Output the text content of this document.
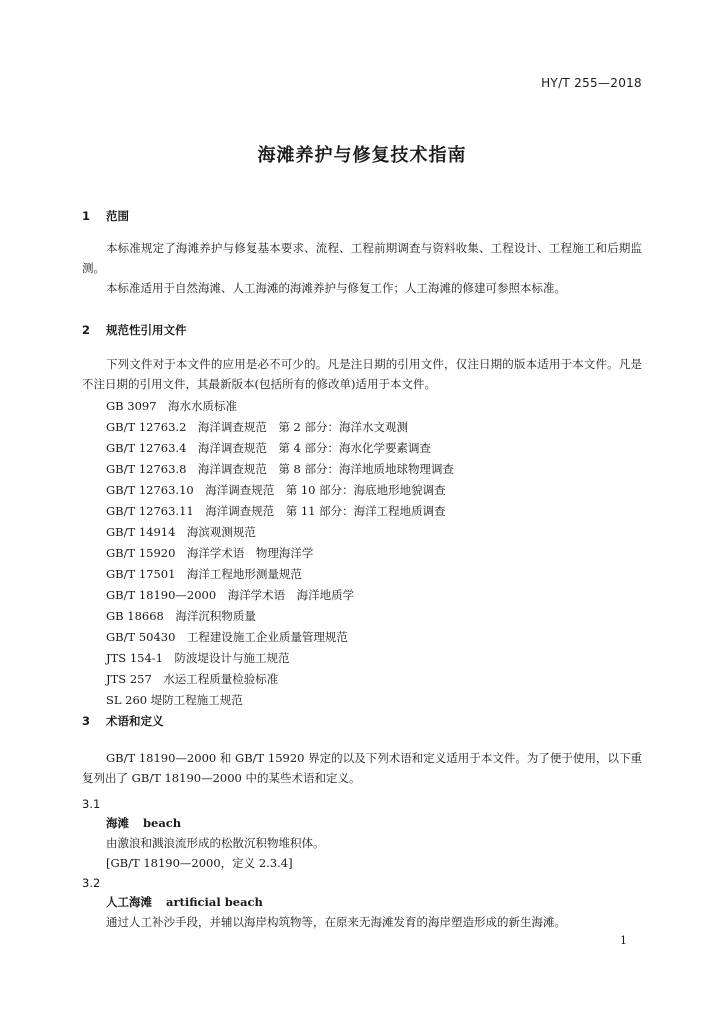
HY/T 255—2018
海滩养护与修复技术指南
1 范围
本标准规定了海滩养护与修复基本要求、流程、工程前期调查与资料收集、工程设计、工程施工和后期监测。
本标准适用于自然海滩、人工海滩的海滩养护与修复工作；人工海滩的修建可参照本标准。
2 规范性引用文件
下列文件对于本文件的应用是必不可少的。凡是注日期的引用文件，仅注日期的版本适用于本文件。凡是不注日期的引用文件，其最新版本(包括所有的修改单)适用于本文件。
GB 3097　海水水质标准
GB/T 12763.2　海洋调查规范　第 2 部分：海洋水文观测
GB/T 12763.4　海洋调查规范　第 4 部分：海水化学要素调查
GB/T 12763.8　海洋调查规范　第 8 部分：海洋地质地球物理调查
GB/T 12763.10　海洋调查规范　第 10 部分：海底地形地貌调查
GB/T 12763.11　海洋调查规范　第 11 部分：海洋工程地质调查
GB/T 14914　海滨观测规范
GB/T 15920　海洋学术语　物理海洋学
GB/T 17501　海洋工程地形测量规范
GB/T 18190—2000　海洋学术语　海洋地质学
GB 18668　海洋沉积物质量
GB/T 50430　工程建设施工企业质量管理规范
JTS 154-1　防波堤设计与施工规范
JTS 257　水运工程质量检验标准
SL 260 堤防工程施工规范
3 术语和定义
GB/T 18190—2000 和 GB/T 15920 界定的以及下列术语和定义适用于本文件。为了便于使用，以下重复列出了 GB/T 18190—2000 中的某些术语和定义。
3.1
海滩 beach
由激浪和溅浪流形成的松散沉积物堆积体。
[GB/T 18190—2000，定义 2.3.4]
3.2
人工海滩 artificial beach
通过人工补沙手段，并辅以海岸构筑物等，在原来无海滩发育的海岸塑造形成的新生海滩。
1
